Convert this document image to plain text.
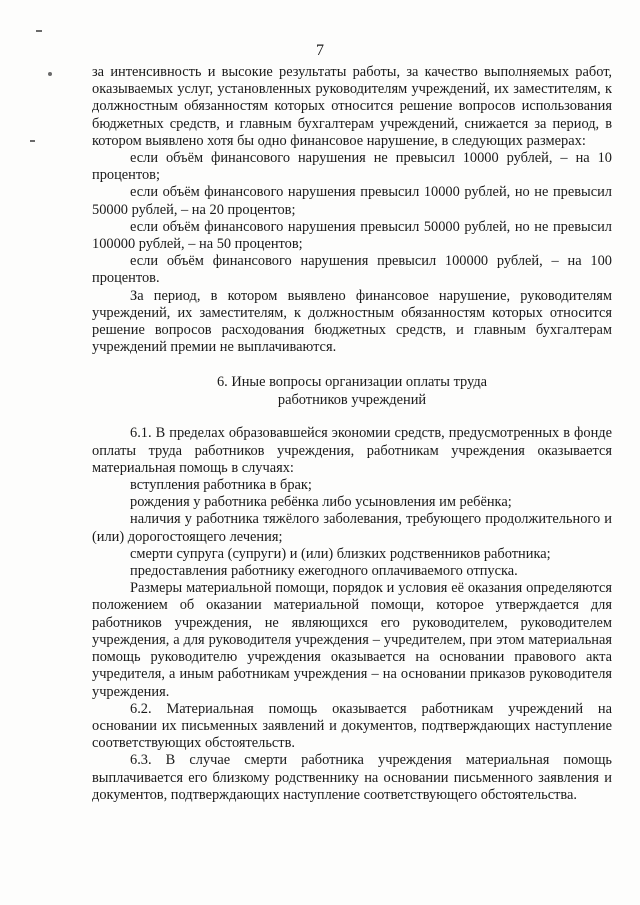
7

за интенсивность и высокие результаты работы, за качество выполняемых работ, оказываемых услуг, установленных руководителям учреждений, их заместителям, к должностным обязанностям которых относится решение вопросов использования бюджетных средств, и главным бухгалтерам учреждений, снижается за период, в котором выявлено хотя бы одно финансовое нарушение, в следующих размерах:

если объём финансового нарушения не превысил 10000 рублей, – на 10 процентов;

если объём финансового нарушения превысил 10000 рублей, но не превысил 50000 рублей, – на 20 процентов;

если объём финансового нарушения превысил 50000 рублей, но не превысил 100000 рублей, – на 50 процентов;

если объём финансового нарушения превысил 100000 рублей, – на 100 процентов.

За период, в котором выявлено финансовое нарушение, руководителям учреждений, их заместителям, к должностным обязанностям которых относится решение вопросов расходования бюджетных средств, и главным бухгалтерам учреждений премии не выплачиваются.

6. Иные вопросы организации оплаты труда
работников учреждений

6.1. В пределах образовавшейся экономии средств, предусмотренных в фонде оплаты труда работников учреждения, работникам учреждения оказывается материальная помощь в случаях:

вступления работника в брак;

рождения у работника ребёнка либо усыновления им ребёнка;

наличия у работника тяжёлого заболевания, требующего продолжительного и (или) дорогостоящего лечения;

смерти супруга (супруги) и (или) близких родственников работника;

предоставления работнику ежегодного оплачиваемого отпуска.

Размеры материальной помощи, порядок и условия её оказания определяются положением об оказании материальной помощи, которое утверждается для работников учреждения, не являющихся его руководителем, руководителем учреждения, а для руководителя учреждения – учредителем, при этом материальная помощь руководителю учреждения оказывается на основании правового акта учредителя, а иным работникам учреждения – на основании приказов руководителя учреждения.

6.2. Материальная помощь оказывается работникам учреждений на основании их письменных заявлений и документов, подтверждающих наступление соответствующих обстоятельств.

6.3. В случае смерти работника учреждения материальная помощь выплачивается его близкому родственнику на основании письменного заявления и документов, подтверждающих наступление соответствующего обстоятельства.
